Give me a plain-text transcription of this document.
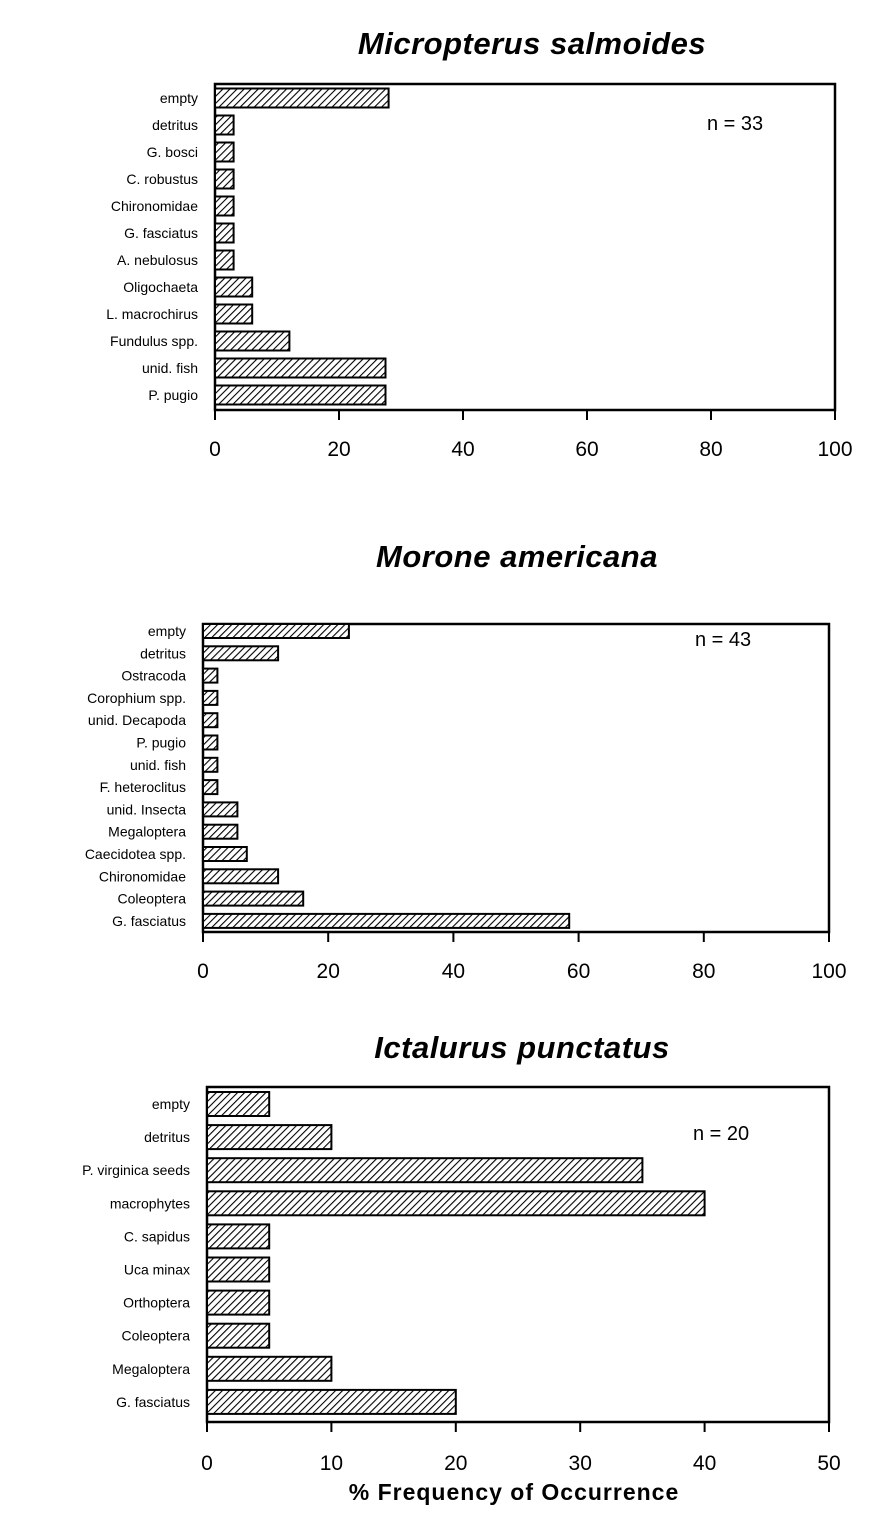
Micropterus salmoides
n = 33
empty
detritus
G. bosci
C. robustus
Chironomidae
G. fasciatus
A. nebulosus
Oligochaeta
L. macrochirus
Fundulus spp.
unid. fish
P. pugio
0	20	40	60	80	100
Morone americana
n = 43
empty
detritus
Ostracoda
Corophium spp.
unid. Decapoda
P. pugio
unid. fish
F. heteroclitus
unid. Insecta
Megaloptera
Caecidotea spp.
Chironomidae
Coleoptera
G. fasciatus
0	20	40	60	80	100
Ictalurus punctatus
n = 20
empty
detritus
P. virginica seeds
macrophytes
C. sapidus
Uca minax
Orthoptera
Coleoptera
Megaloptera
G. fasciatus
0	10	20	30	40	50
% Frequency of Occurrence
